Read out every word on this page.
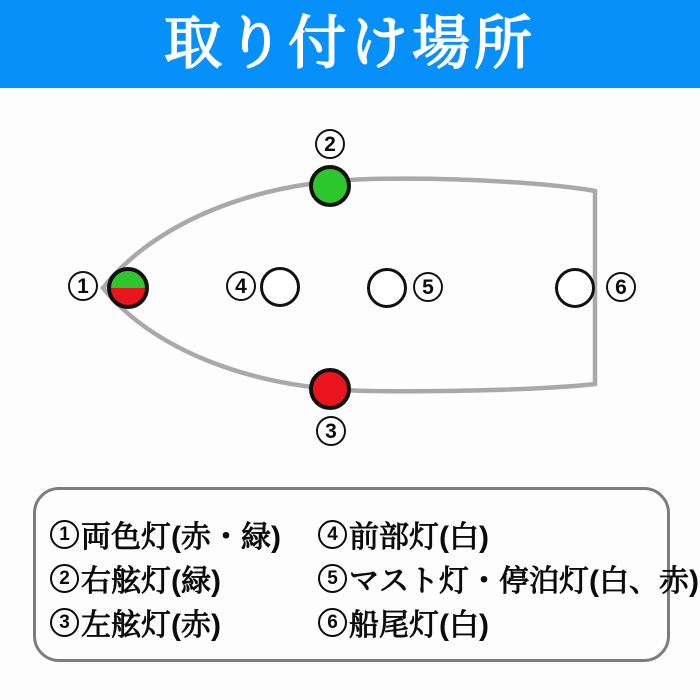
取り付け場所
1
2
3
4	5	6
1 両色灯(赤・緑)
2 右舷灯(緑)
3 左舷灯(赤)
4 前部灯(白)
5 マスト灯・停泊灯(白、赤)
6 船尾灯(白)
